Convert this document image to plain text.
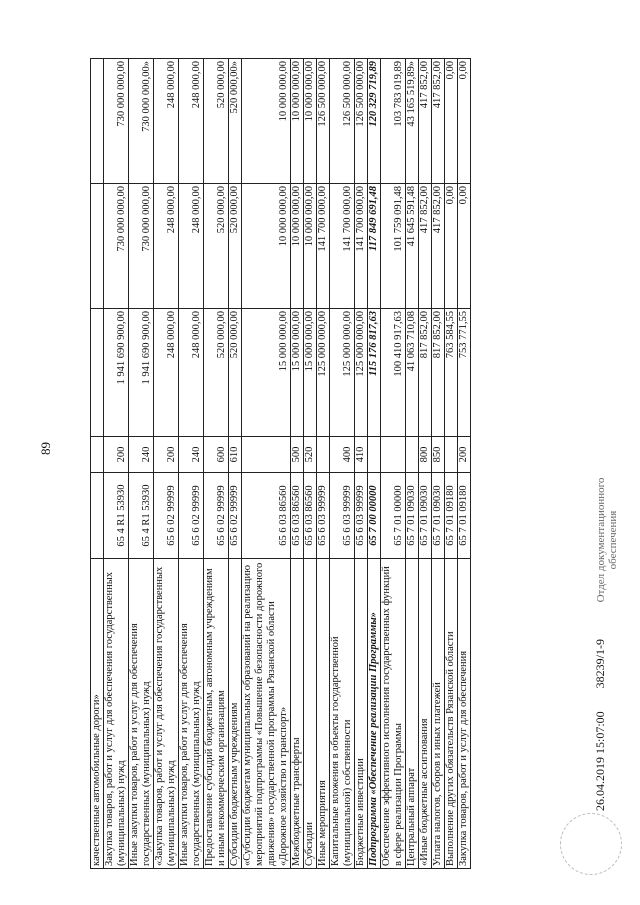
89
качественные автомобильные дороги»					
Закупка товаров, работ и услуг для обеспечения государственных (муниципальных) нужд	65 4 R1 53930	200	1 941 690 900,00	730 000 000,00	730 000 000,00
Иные закупки товаров, работ и услуг для обеспечения государственных (муниципальных) нужд	65 4 R1 53930	240	1 941 690 900,00	730 000 000,00	730 000 000,00»
«Закупка товаров, работ и услуг для обеспечения государственных (муниципальных) нужд	65 6 02 99999	200	248 000,00	248 000,00	248 000,00
Иные закупки товаров, работ и услуг для обеспечения государственных (муниципальных) нужд	65 6 02 99999	240	248 000,00	248 000,00	248 000,00
Предоставление субсидий бюджетным, автономным учреждениям и иным некоммерческим организациям	65 6 02 99999	600	520 000,00	520 000,00	520 000,00
Субсидии бюджетным учреждениям	65 6 02 99999	610	520 000,00	520 000,00	520 000,00»
«Субсидии бюджетам муниципальных образований на реализацию мероприятий подпрограммы «Повышение безопасности дорожного движения» государственной программы Рязанской области «Дорожное хозяйство и транспорт»	65 6 03 86560		15 000 000,00	10 000 000,00	10 000 000,00
Межбюджетные трансферты	65 6 03 86560	500	15 000 000,00	10 000 000,00	10 000 000,00
Субсидии	65 6 03 86560	520	15 000 000,00	10 000 000,00	10 000 000,00
Иные мероприятия	65 6 03 99999		125 000 000,00	141 700 000,00	126 500 000,00
Капитальные вложения в объекты государственной (муниципальной) собственности	65 6 03 99999	400	125 000 000,00	141 700 000,00	126 500 000,00
Бюджетные инвестиции	65 6 03 99999	410	125 000 000,00	141 700 000,00	126 500 000,00
Подпрограмма «Обеспечение реализации Программы»	65 7 00 00000		115 176 817,63	117 849 691,48	120 329 719,89
Обеспечение эффективного исполнения государственных функций в сфере реализации Программы	65 7 01 00000		100 410 917,63	101 759 091,48	103 783 019,89
Центральный аппарат	65 7 01 09030		41 063 710,08	41 645 591,48	43 165 519,89»
«Иные бюджетные ассигнования	65 7 01 09030	800	817 852,00	417 852,00	417 852,00
Уплата налогов, сборов и иных платежей	65 7 01 09030	850	817 852,00	417 852,00	417 852,00
Выполнение других обязательств Рязанской области	65 7 01 09180		763 584,55	0,00	0,00
Закупка товаров, работ и услуг для обеспечения	65 7 01 09180	200	753 771,55	0,00	0,00
26.04.2019 15:07:00 38239/1-9
Отдел документационного обеспечения
